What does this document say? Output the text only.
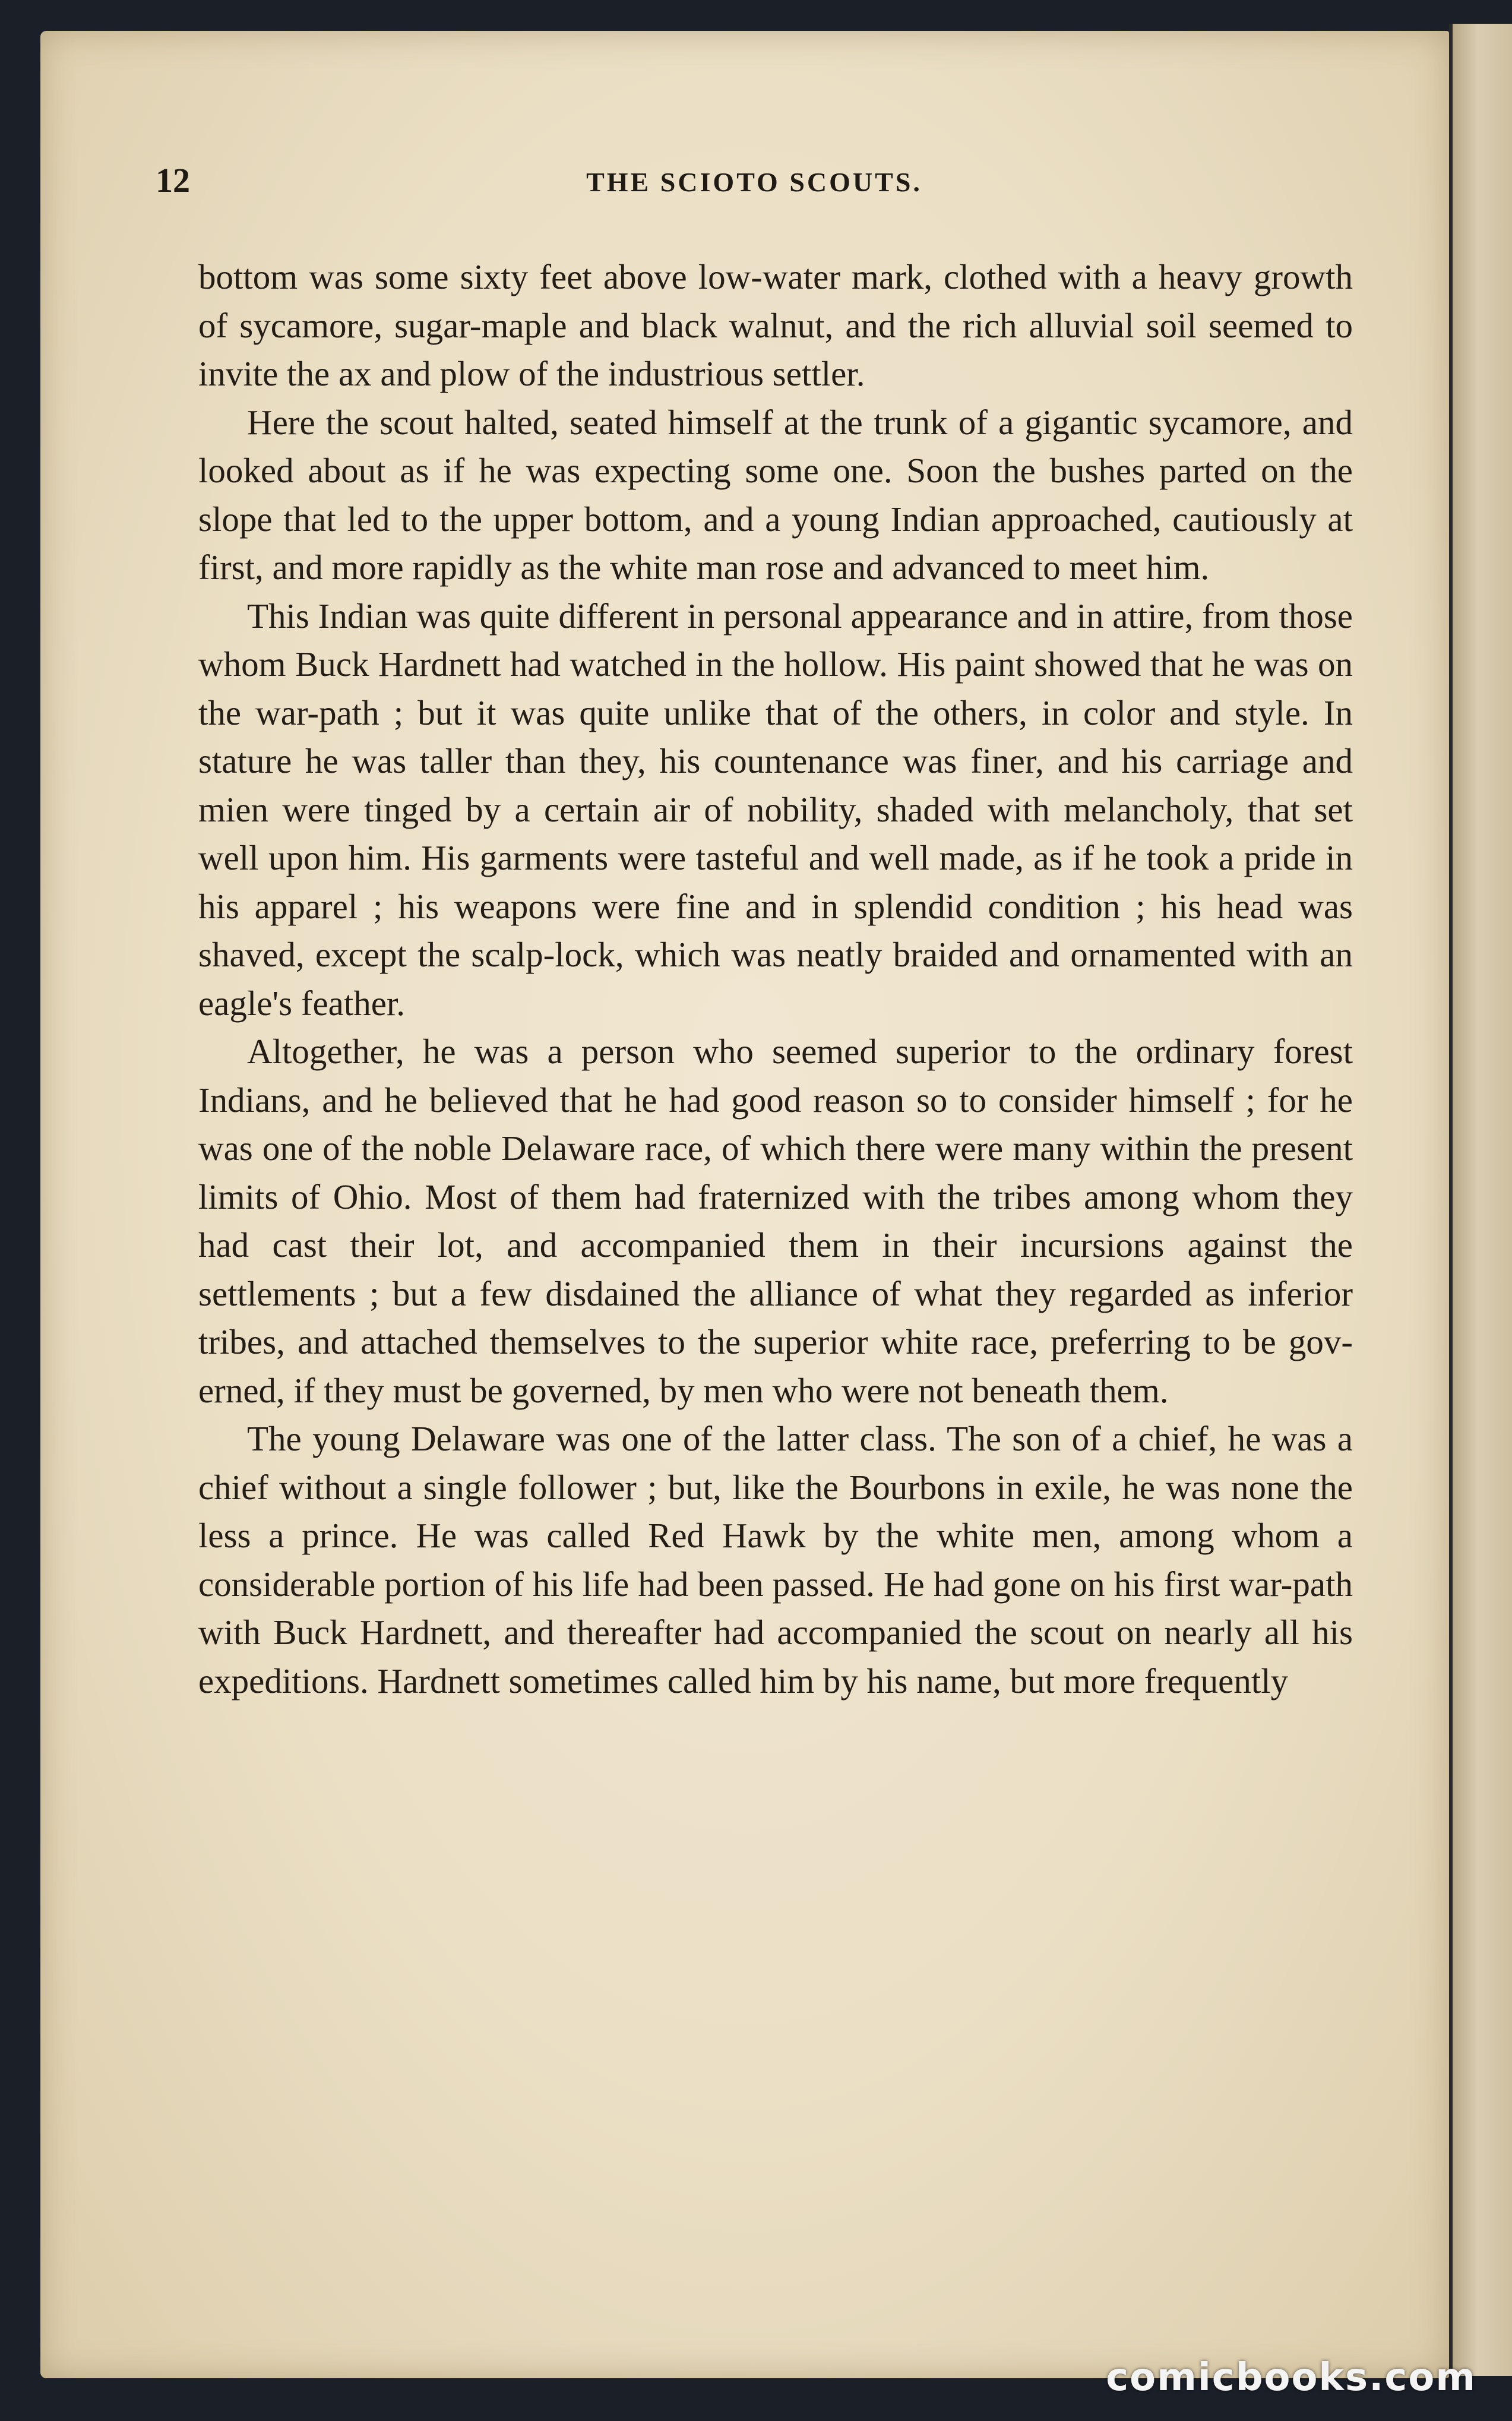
12	THE SCIOTO SCOUTS.

bottom was some sixty feet above low-water mark, clothed with a heavy growth of sycamore, sugar-maple and black walnut, and the rich alluvial soil seemed to invite the ax and plow of the industrious settler.

Here the scout halted, seated himself at the trunk of a gigantic sycamore, and looked about as if he was expecting some one. Soon the bushes parted on the slope that led to the upper bottom, and a young Indian approached, cautiously at first, and more rapidly as the white man rose and advanced to meet him.

This Indian was quite different in personal appearance and in attire, from those whom Buck Hardnett had watched in the hollow. His paint showed that he was on the war-path ; but it was quite unlike that of the others, in color and style. In stature he was taller than they, his countenance was finer, and his carriage and mien were tinged by a certain air of nobility, shaded with melancholy, that set well upon him. His garments were tasteful and well made, as if he took a pride in his apparel ; his weapons were fine and in splendid condition ; his head was shaved, except the scalp-lock, which was neatly braided and ornamented with an eagle's feather.

Altogether, he was a person who seemed superior to the ordinary forest Indians, and he believed that he had good reason so to consider himself ; for he was one of the noble Delaware race, of which there were many within the present limits of Ohio. Most of them had fraternized with the tribes among whom they had cast their lot, and accompanied them in their incursions against the settlements ; but a few disdained the alliance of what they regarded as inferior tribes, and attached themselves to the superior white race, preferring to be governed, if they must be governed, by men who were not beneath them.

The young Delaware was one of the latter class. The son of a chief, he was a chief without a single follower ; but, like the Bourbons in exile, he was none the less a prince. He was called Red Hawk by the white men, among whom a considerable portion of his life had been passed. He had gone on his first war-path with Buck Hardnett, and thereafter had accompanied the scout on nearly all his expeditions. Hardnett sometimes called him by his name, but more frequently

comicbooks.com
